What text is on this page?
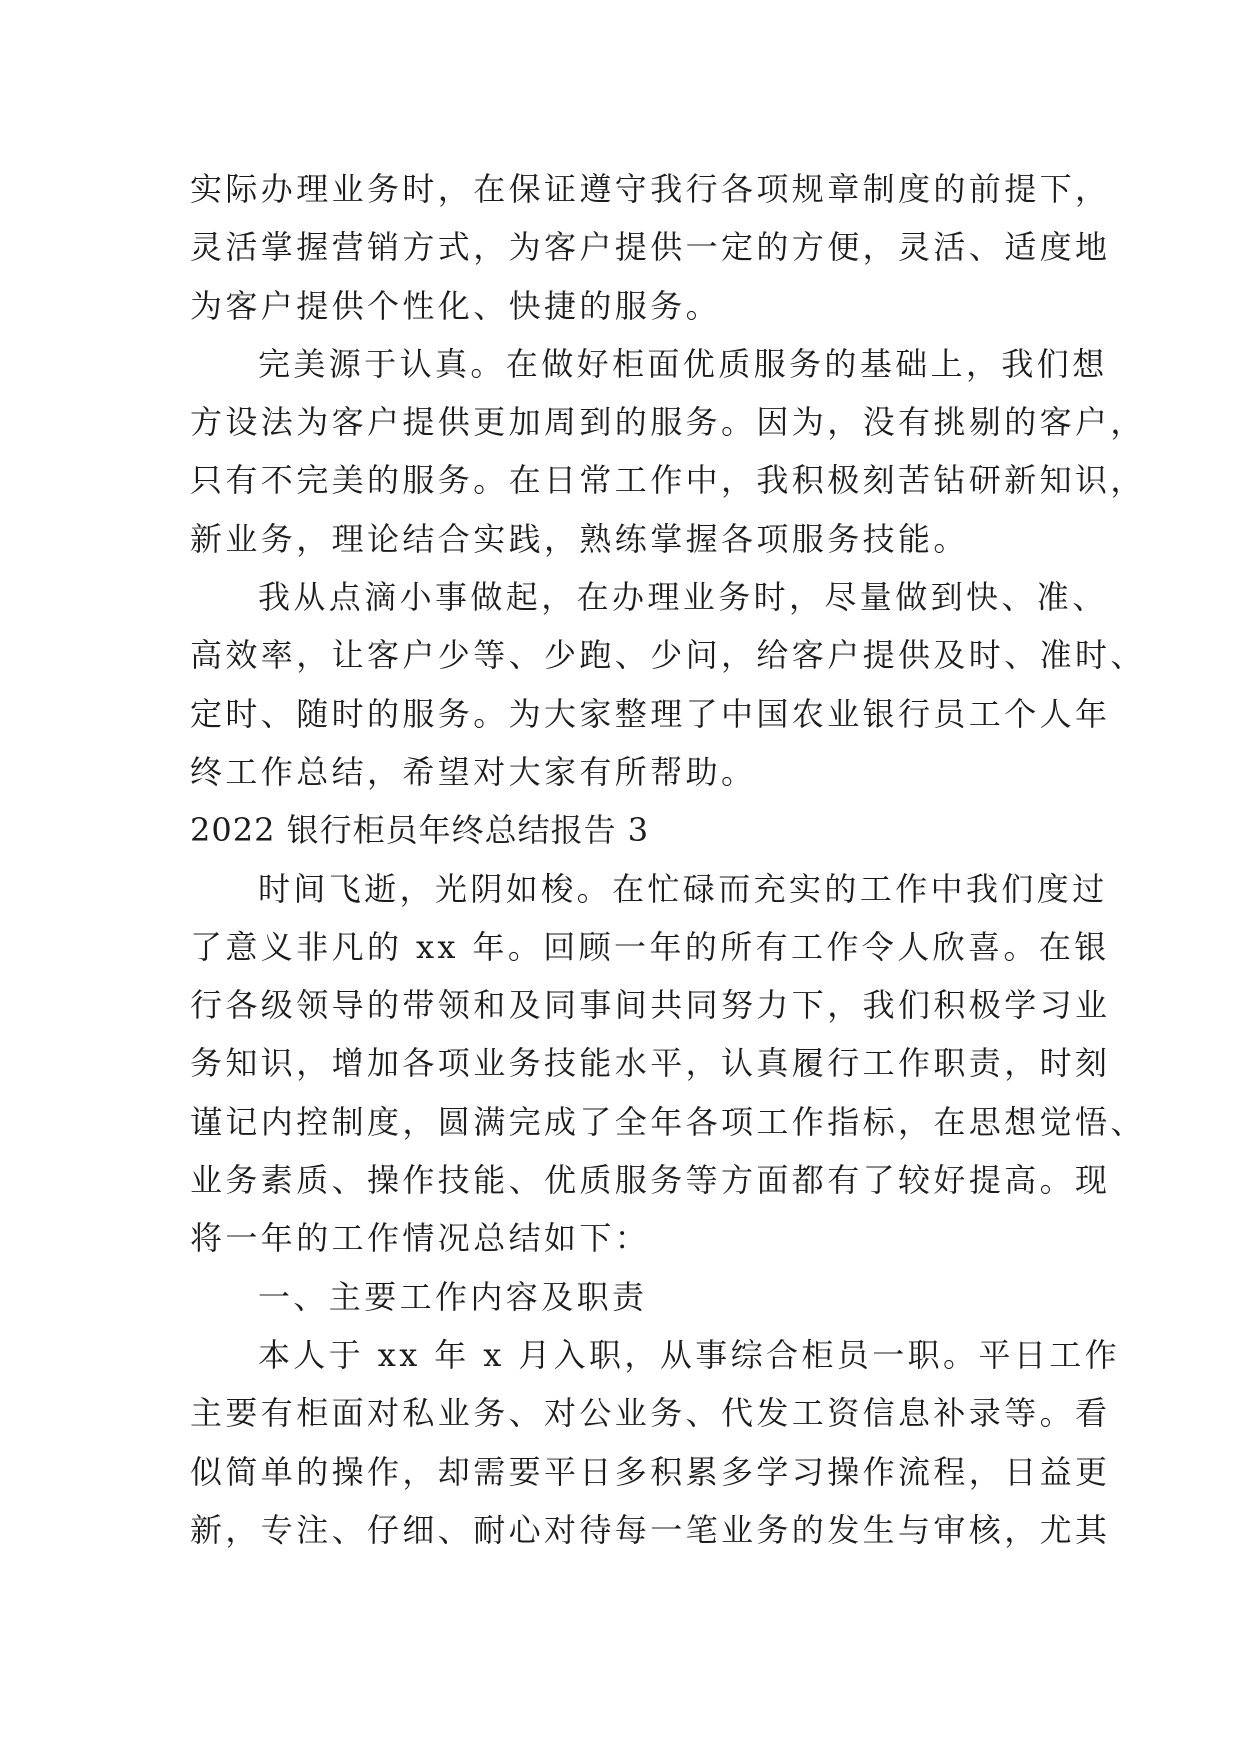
实际办理业务时，在保证遵守我行各项规章制度的前提下，
灵活掌握营销方式，为客户提供一定的方便，灵活、适度地
为客户提供个性化、快捷的服务。
完美源于认真。在做好柜面优质服务的基础上，我们想
方设法为客户提供更加周到的服务。因为，没有挑剔的客户，
只有不完美的服务。在日常工作中，我积极刻苦钻研新知识，
新业务，理论结合实践，熟练掌握各项服务技能。
我从点滴小事做起，在办理业务时，尽量做到快、准、
高效率，让客户少等、少跑、少问，给客户提供及时、准时、
定时、随时的服务。为大家整理了中国农业银行员工个人年
终工作总结，希望对大家有所帮助。
2022 银行柜员年终总结报告 3
时间飞逝，光阴如梭。在忙碌而充实的工作中我们度过
了意义非凡的 xx 年。回顾一年的所有工作令人欣喜。在银
行各级领导的带领和及同事间共同努力下，我们积极学习业
务知识，增加各项业务技能水平，认真履行工作职责，时刻
谨记内控制度，圆满完成了全年各项工作指标，在思想觉悟、
业务素质、操作技能、优质服务等方面都有了较好提高。现
将一年的工作情况总结如下：
一、主要工作内容及职责
本人于 xx 年 x 月入职，从事综合柜员一职。平日工作
主要有柜面对私业务、对公业务、代发工资信息补录等。看
似简单的操作，却需要平日多积累多学习操作流程，日益更
新，专注、仔细、耐心对待每一笔业务的发生与审核，尤其
